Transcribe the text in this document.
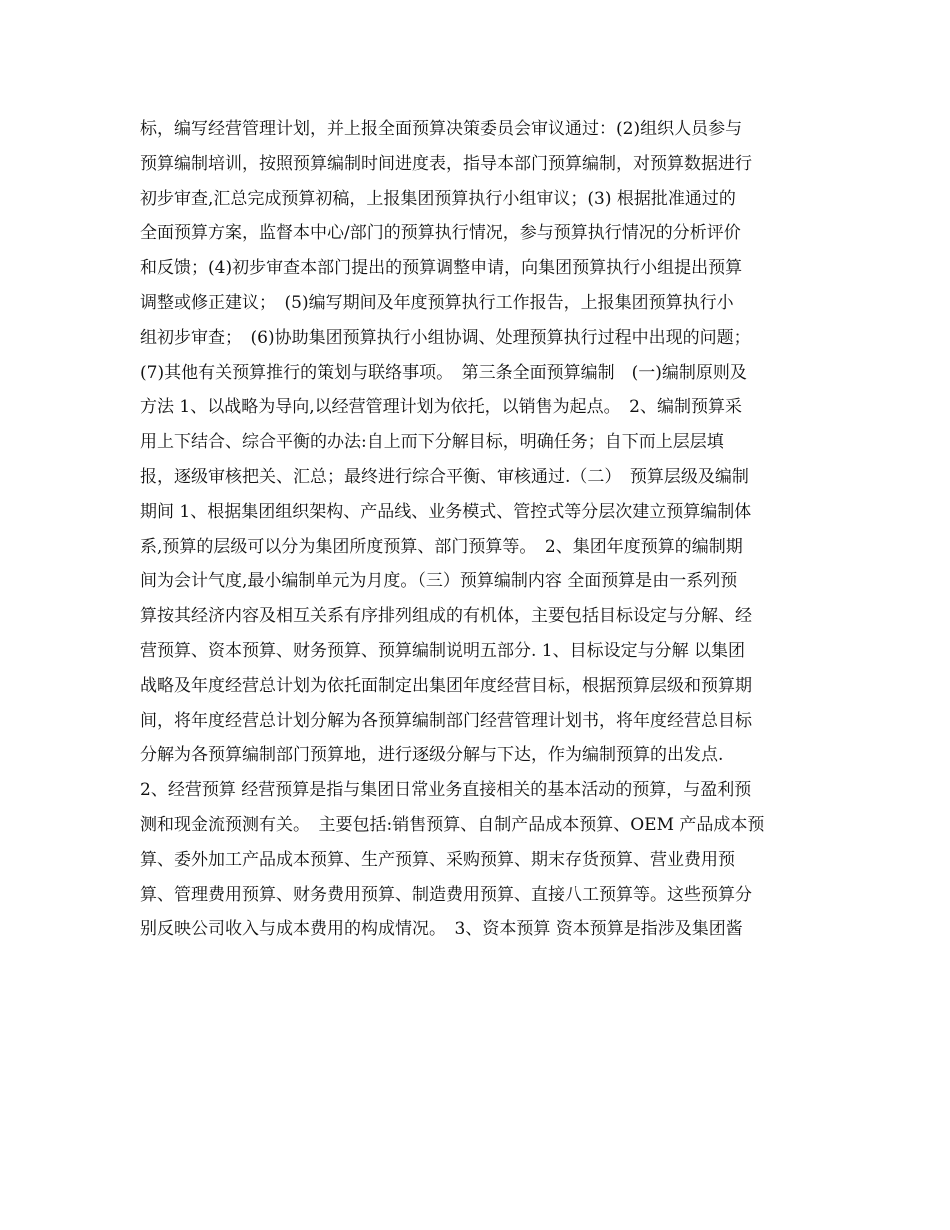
标，编写经营管理计划，并上报全面预算决策委员会审议通过：(2)组织人员参与
预算编制培训，按照预算编制时间进度表，指导本部门预算编制，对预算数据进行
初步审查,汇总完成预算初稿，上报集团预算执行小组审议；(3) 根据批准通过的
全面预算方案，监督本中心/部门的预算执行情况，参与预算执行情况的分析评价
和反馈；(4)初步审查本部门提出的预算调整申请，向集团预算执行小组提出预算
调整或修正建议；　(5)编写期间及年度预算执行工作报告，上报集团预算执行小
组初步审查；　(6)协助集团预算执行小组协调、处理预算执行过程中出现的问题；
(7)其他有关预算推行的策划与联络事项。　第三条全面预算编制　(一)编制原则及
方法 1、以战略为导向,以经营管理计划为依托，以销售为起点。　2、编制预算采
用上下结合、综合平衡的办法:自上而下分解目标，明确任务；自下而上层层填
报，逐级审核把关、汇总；最终进行综合平衡、审核通过.（二）　预算层级及编制
期间 1、根据集团组织架构、产品线、业务模式、管控式等分层次建立预算编制体
系,预算的层级可以分为集团所度预算、部门预算等。　2、集团年度预算的编制期
间为会计气度,最小编制单元为月度。（三）预算编制内容 全面预算是由一系列预
算按其经济内容及相互关系有序排列组成的有机体，主要包括目标设定与分解、经
营预算、资本预算、财务预算、预算编制说明五部分. 1、目标设定与分解 以集团
战略及年度经营总计划为依托面制定出集团年度经营目标，根据预算层级和预算期
间，将年度经营总计划分解为各预算编制部门经营管理计划书，将年度经营总目标
分解为各预算编制部门预算地，进行逐级分解与下达，作为编制预算的出发点.
2、经营预算 经营预算是指与集团日常业务直接相关的基本活动的预算，与盈利预
测和现金流预测有关。　主要包括:销售预算、自制产品成本预算、OEM 产品成本预
算、委外加工产品成本预算、生产预算、采购预算、期末存货预算、营业费用预
算、管理费用预算、财务费用预算、制造费用预算、直接八工预算等。这些预算分
别反映公司收入与成本费用的构成情况。　3、资本预算 资本预算是指涉及集团酱
